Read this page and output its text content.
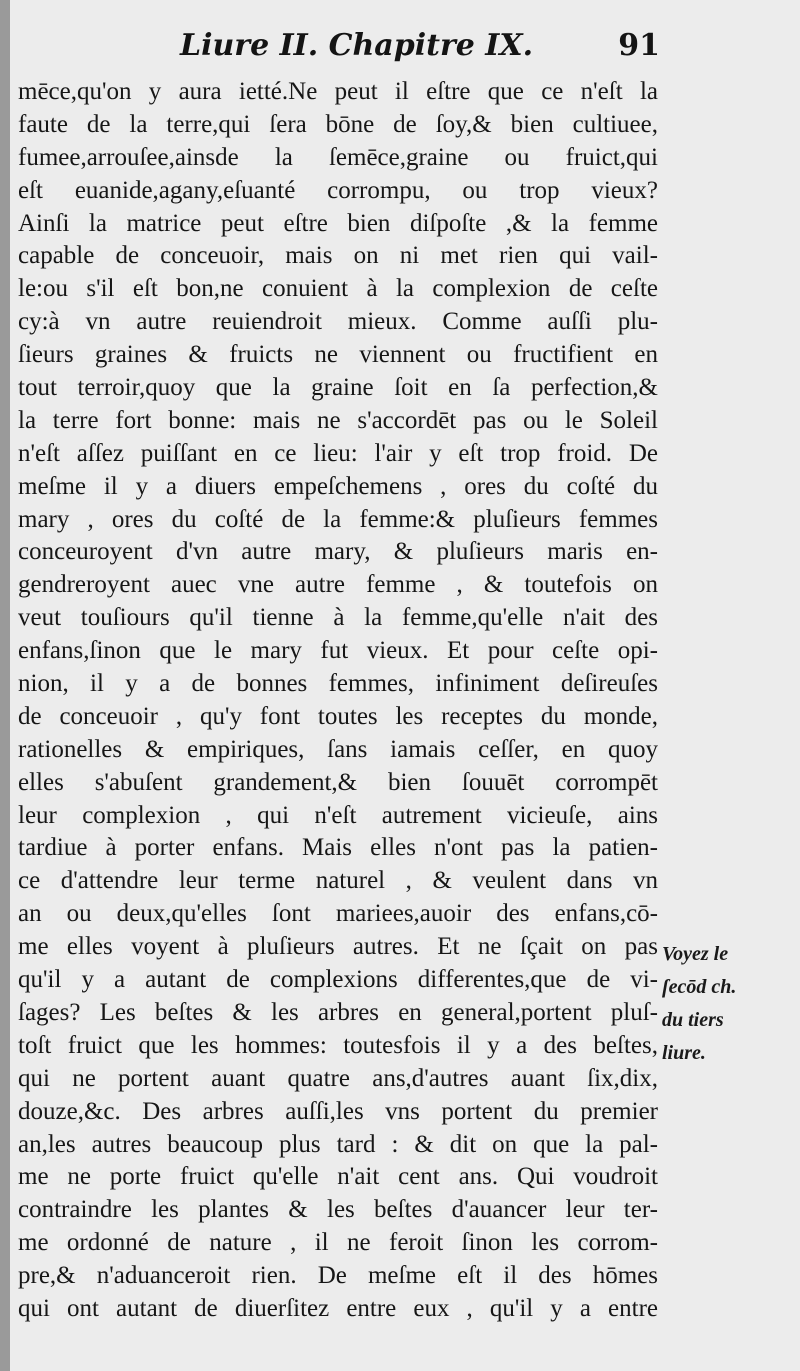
Liure II. Chapitre IX.	91
mēce,qu'on y aura ietté.Ne peut il eſtre que ce n'eſt la
faute de la terre,qui ſera bōne de ſoy,& bien cultiuee,
fumee,arrouſee,ainsde la ſemēce,graine ou fruict,qui
eſt euanide,agany,eſuanté corrompu, ou trop vieux?
Ainſi la matrice peut eſtre bien diſpoſte ,& la femme
capable de conceuoir, mais on ni met rien qui vail-
le:ou s'il eſt bon,ne conuient à la complexion de ceſte
cy:à vn autre reuiendroit mieux. Comme auſſi plu-
ſieurs graines & fruicts ne viennent ou fructifient en
tout terroir,quoy que la graine ſoit en ſa perfection,&
la terre fort bonne: mais ne s'accordēt pas ou le Soleil
n'eſt aſſez puiſſant en ce lieu: l'air y eſt trop froid. De
meſme il y a diuers empeſchemens , ores du coſté du
mary , ores du coſté de la femme:& pluſieurs femmes
conceuroyent d'vn autre mary, & pluſieurs maris en-
gendreroyent auec vne autre femme , & toutefois on
veut touſiours qu'il tienne à la femme,qu'elle n'ait des
enfans,ſinon que le mary fut vieux. Et pour ceſte opi-
nion, il y a de bonnes femmes, infiniment deſireuſes
de conceuoir , qu'y font toutes les receptes du monde,
rationelles & empiriques, ſans iamais ceſſer, en quoy
elles s'abuſent grandement,& bien ſouuēt corrompēt
leur complexion , qui n'eſt autrement vicieuſe, ains
tardiue à porter enfans. Mais elles n'ont pas la patien-
ce d'attendre leur terme naturel , & veulent dans vn
an ou deux,qu'elles ſont mariees,auoir des enfans,cō-
me elles voyent à pluſieurs autres. Et ne ſçait on pas
qu'il y a autant de complexions differentes,que de vi-
ſages? Les beſtes & les arbres en general,portent pluſ-
toſt fruict que les hommes: toutesfois il y a des beſtes,
qui ne portent auant quatre ans,d'autres auant ſix,dix,
douze,&c. Des arbres auſſi,les vns portent du premier
an,les autres beaucoup plus tard : & dit on que la pal-
me ne porte fruict qu'elle n'ait cent ans. Qui voudroit
contraindre les plantes & les beſtes d'auancer leur ter-
me ordonné de nature , il ne feroit ſinon les corrom-
pre,& n'aduanceroit rien. De meſme eſt il des hōmes
qui ont autant de diuerſitez entre eux , qu'il y a entre
Voyez le
ſecōd ch.
du tiers
liure.
